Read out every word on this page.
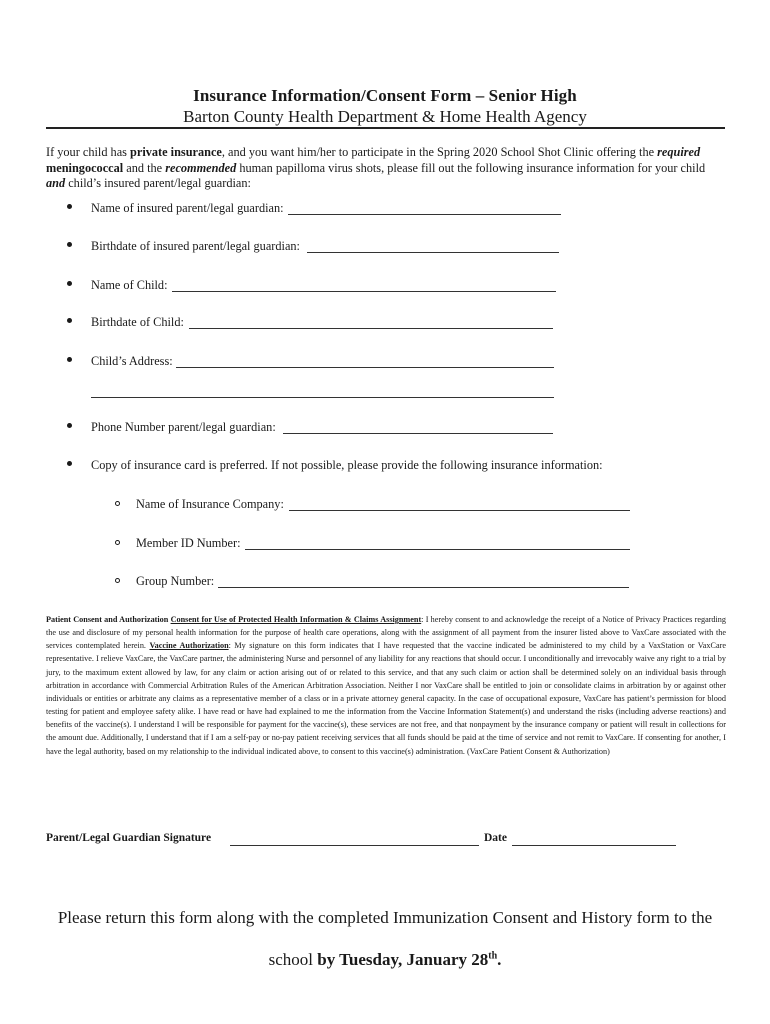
Insurance Information/Consent Form – Senior High
Barton County Health Department & Home Health Agency
If your child has private insurance, and you want him/her to participate in the Spring 2020 School Shot Clinic offering the required meningococcal and the recommended human papilloma virus shots, please fill out the following insurance information for your child and child’s insured parent/legal guardian:
Name of insured parent/legal guardian:
Birthdate of insured parent/legal guardian:
Name of Child:
Birthdate of Child:
Child’s Address:
Phone Number parent/legal guardian:
Copy of insurance card is preferred. If not possible, please provide the following insurance information:
Name of Insurance Company:
Member ID Number:
Group Number:
Patient Consent and Authorization Consent for Use of Protected Health Information & Claims Assignment: I hereby consent to and acknowledge the receipt of a Notice of Privacy Practices regarding the use and disclosure of my personal health information for the purpose of health care operations, along with the assignment of all payment from the insurer listed above to VaxCare associated with the services contemplated herein. Vaccine Authorization: My signature on this form indicates that I have requested that the vaccine indicated be administered to my child by a VaxStation or VaxCare representative. I relieve VaxCare, the VaxCare partner, the administering Nurse and personnel of any liability for any reactions that should occur. I unconditionally and irrevocably waive any right to a trial by jury, to the maximum extent allowed by law, for any claim or action arising out of or related to this service, and that any such claim or action shall be determined solely on an individual basis through arbitration in accordance with Commercial Arbitration Rules of the American Arbitration Association. Neither I nor VaxCare shall be entitled to join or consolidate claims in arbitration by or against other individuals or entities or arbitrate any claims as a representative member of a class or in a private attorney general capacity. In the case of occupational exposure, VaxCare has patient’s permission for blood testing for patient and employee safety alike. I have read or have had explained to me the information from the Vaccine Information Statement(s) and understand the risks (including adverse reactions) and benefits of the vaccine(s). I understand I will be responsible for payment for the vaccine(s), these services are not free, and that nonpayment by the insurance company or patient will result in collections for the amount due. Additionally, I understand that if I am a self-pay or no-pay patient receiving services that all funds should be paid at the time of service and not remit to VaxCare. If consenting for another, I have the legal authority, based on my relationship to the individual indicated above, to consent to this vaccine(s) administration. (VaxCare Patient Consent & Authorization)
Parent/Legal Guardian Signature	Date
Please return this form along with the completed Immunization Consent and History form to the
school by Tuesday, January 28th.
